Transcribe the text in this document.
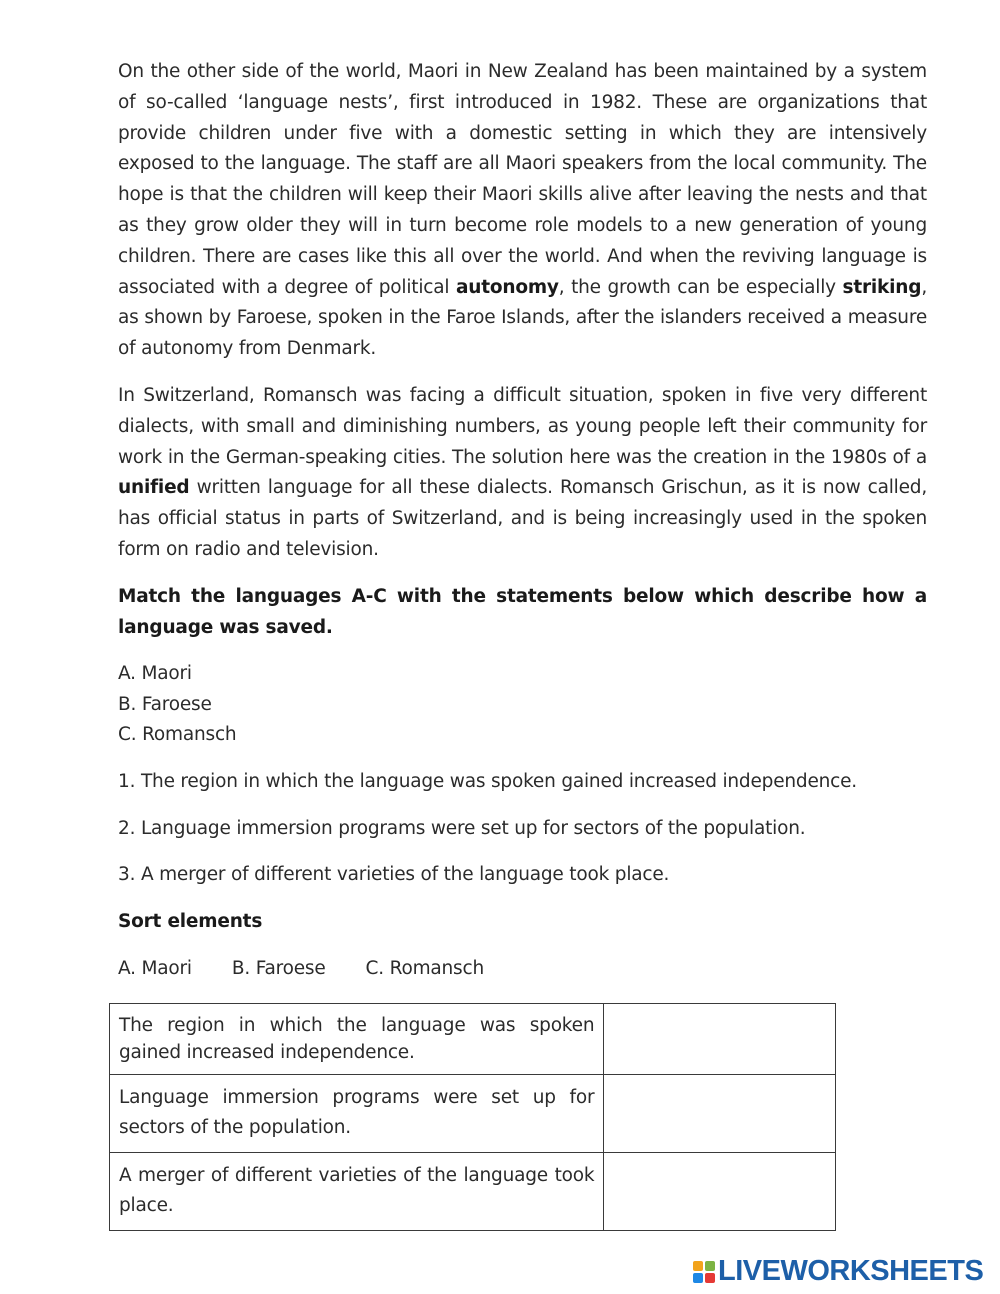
On the other side of the world, Maori in New Zealand has been maintained by a system of so-called ‘language nests’, first introduced in 1982. These are organizations that provide children under five with a domestic setting in which they are intensively exposed to the language. The staff are all Maori speakers from the local community. The hope is that the children will keep their Maori skills alive after leaving the nests and that as they grow older they will in turn become role models to a new generation of young children. There are cases like this all over the world. And when the reviving language is associated with a degree of political autonomy, the growth can be especially striking, as shown by Faroese, spoken in the Faroe Islands, after the islanders received a measure of autonomy from Denmark.

In Switzerland, Romansch was facing a difficult situation, spoken in five very different dialects, with small and diminishing numbers, as young people left their community for work in the German-speaking cities. The solution here was the creation in the 1980s of a unified written language for all these dialects. Romansch Grischun, as it is now called, has official status in parts of Switzerland, and is being increasingly used in the spoken form on radio and television.

Match the languages A-C with the statements below which describe how a language was saved.

A. Maori
B. Faroese
C. Romansch

1. The region in which the language was spoken gained increased independence.

2. Language immersion programs were set up for sectors of the population.

3. A merger of different varieties of the language took place.

Sort elements

A. Maori B. Faroese C. Romansch
The region in which the language was spoken gained increased independence.	

Language immersion programs were set up for sectors of the population.	

A merger of different varieties of the language took place.	
LIVEWORKSHEETS
